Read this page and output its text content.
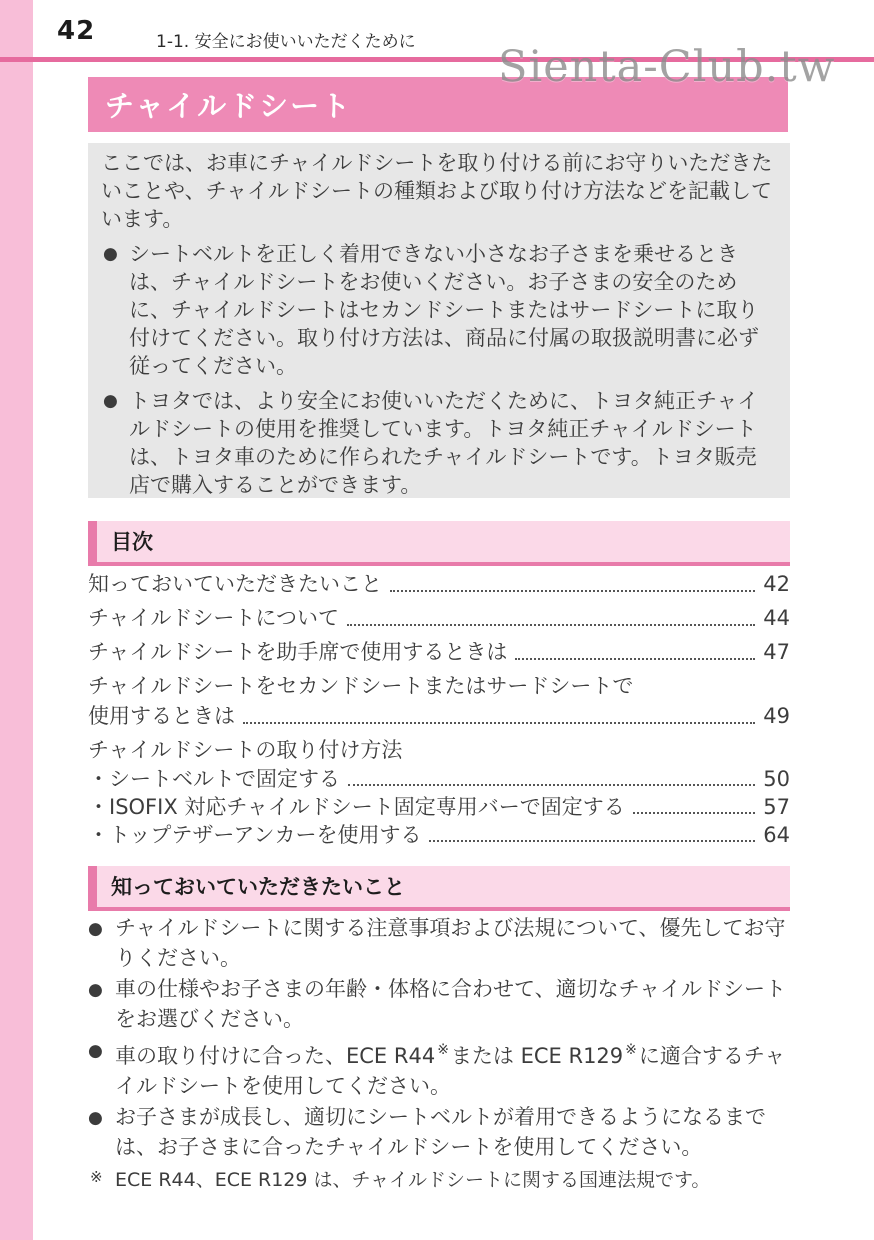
42	1-1. 安全にお使いいただくために Sienta-Club.tw
チャイルドシート

ここでは、お車にチャイルドシートを取り付ける前にお守りいただきたいことや、チャイルドシートの種類および取り付け方法などを記載しています。

● シートベルトを正しく着用できない小さなお子さまを乗せるときは、チャイルドシートをお使いください。お子さまの安全のために、チャイルドシートはセカンドシートまたはサードシートに取り付けてください。取り付け方法は、商品に付属の取扱説明書に必ず従ってください。
● トヨタでは、より安全にお使いいただくために、トヨタ純正チャイルドシートの使用を推奨しています。トヨタ純正チャイルドシートは、トヨタ車のために作られたチャイルドシートです。トヨタ販売店で購入することができます。
目次
知っておいていただきたいこと	42
チャイルドシートについて	44
チャイルドシートを助手席で使用するときは	47
チャイルドシートをセカンドシートまたはサードシートで
使用するときは	49
チャイルドシートの取り付け方法
・シートベルトで固定する	50
・ISOFIX 対応チャイルドシート固定専用バーで固定する	57
・トップテザーアンカーを使用する	64
知っておいていただきたいこと
● チャイルドシートに関する注意事項および法規について、優先してお守りください。
● 車の仕様やお子さまの年齢・体格に合わせて、適切なチャイルドシートをお選びください。
● 車の取り付けに合った、ECE R44 ※または ECE R129 ※に適合するチャイルドシートを使用してください。
● お子さまが成長し、適切にシートベルトが着用できるようになるまでは、お子さまに合ったチャイルドシートを使用してください。
※ ECE R44、ECE R129 は、チャイルドシートに関する国連法規です。
